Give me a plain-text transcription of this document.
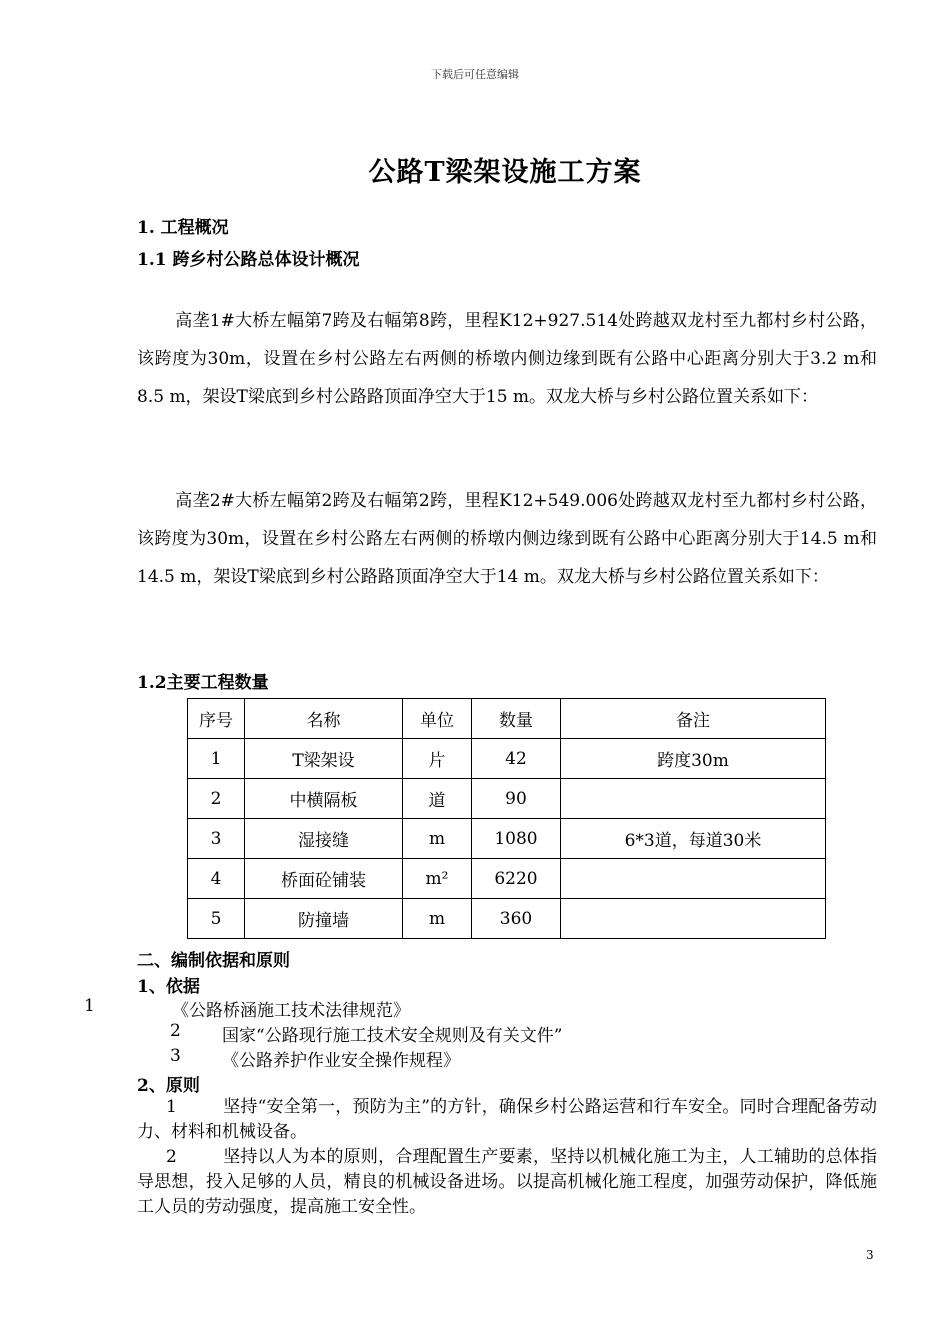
下载后可任意编辑
公路T梁架设施工方案
1. 工程概况
1.1 跨乡村公路总体设计概况
高垄1#大桥左幅第7跨及右幅第8跨，里程K12+927.514处跨越双龙村至九都村乡村公路，该跨度为30m，设置在乡村公路左右两侧的桥墩内侧边缘到既有公路中心距离分别大于3.2 m和8.5 m，架设T梁底到乡村公路路顶面净空大于15 m。双龙大桥与乡村公路位置关系如下：
高垄2#大桥左幅第2跨及右幅第2跨，里程K12+549.006处跨越双龙村至九都村乡村公路，该跨度为30m，设置在乡村公路左右两侧的桥墩内侧边缘到既有公路中心距离分别大于14.5 m和14.5 m，架设T梁底到乡村公路路顶面净空大于14 m。双龙大桥与乡村公路位置关系如下：
1.2主要工程数量
序号	名称	单位	数量	备注
1	T梁架设	片	42	跨度30m
2	中横隔板	道	90	
3	湿接缝	m	1080	6*3道，每道30米
4	桥面砼铺装	m²	6220	
5	防撞墙	m	360	
二、编制依据和原则
1、依据
1	《公路桥涵施工技术法律规范》
2 国家“公路现行施工技术安全规则及有关文件”
3 《公路养护作业安全操作规程》
2、原则
1	坚持“安全第一，预防为主”的方针，确保乡村公路运营和行车安全。同时合理配备劳动力、材料和机械设备。
2	坚持以人为本的原则，合理配置生产要素，坚持以机械化施工为主，人工辅助的总体指导思想，投入足够的人员，精良的机械设备进场。以提高机械化施工程度，加强劳动保护，降低施工人员的劳动强度，提高施工安全性。
3
